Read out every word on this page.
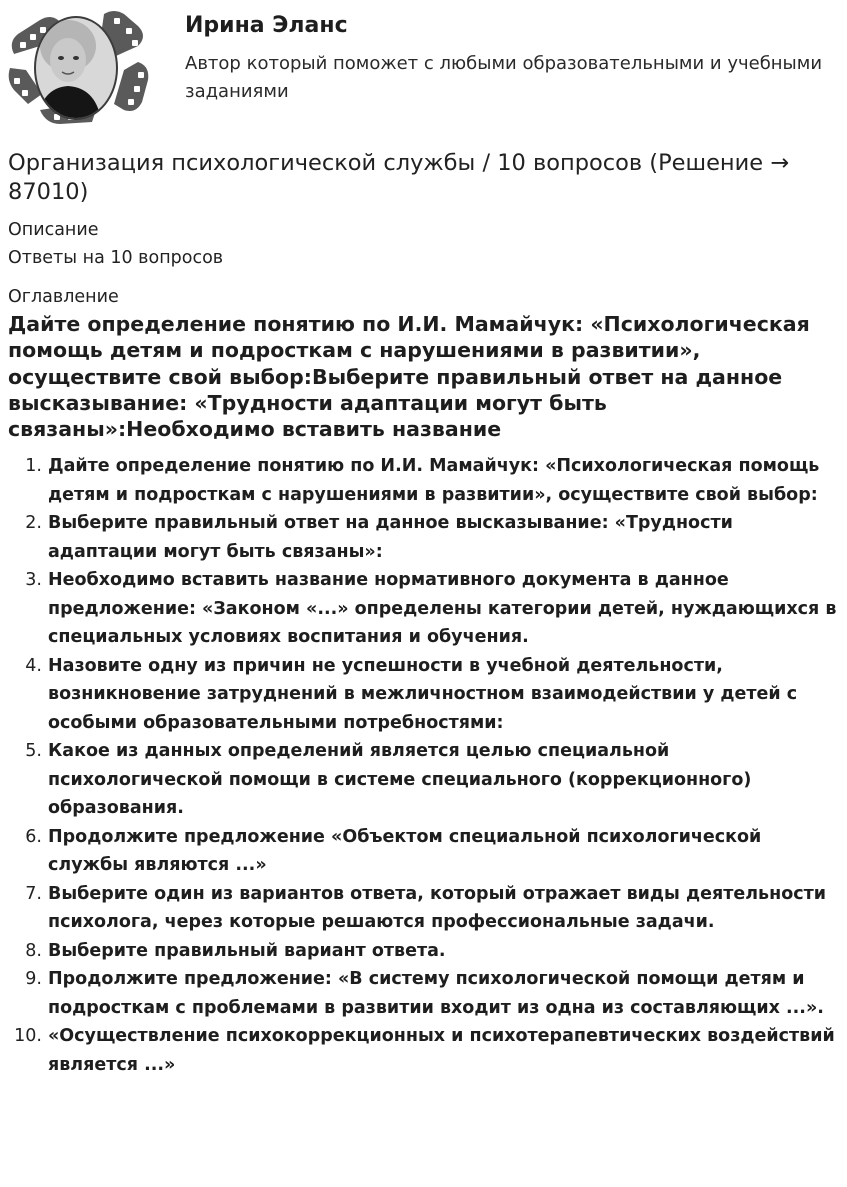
Ирина Эланс
Автор который поможет с любыми образовательными и учебными заданиями
Организация психологической службы / 10 вопросов (Решение → 87010)
Описание
Ответы на 10 вопросов
Оглавление
Дайте определение понятию по И.И. Мамайчук: «Психологическая помощь детям и подросткам с нарушениями в развитии», осуществите свой выбор:Выберите правильный ответ на данное высказывание: «Трудности адаптации могут быть связаны»:Необходимо вставить название
1. Дайте определение понятию по И.И. Мамайчук: «Психологическая помощь детям и подросткам с нарушениями в развитии», осуществите свой выбор:
2. Выберите правильный ответ на данное высказывание: «Трудности адаптации могут быть связаны»:
3. Необходимо вставить название нормативного документа в данное предложение: «Законом «...» определены категории детей, нуждающихся в специальных условиях воспитания и обучения.
4. Назовите одну из причин не успешности в учебной деятельности, возникновение затруднений в межличностном взаимодействии у детей с особыми образовательными потребностями:
5. Какое из данных определений является целью специальной психологической помощи в системе специального (коррекционного) образования.
6. Продолжите предложение «Объектом специальной психологической службы являются ...»
7. Выберите один из вариантов ответа, который отражает виды деятельности психолога, через которые решаются профессиональные задачи.
8. Выберите правильный вариант ответа.
9. Продолжите предложение: «В систему психологической помощи детям и подросткам с проблемами в развитии входит из одна из составляющих ...».
10. «Осуществление психокоррекционных и психотерапевтических воздействий является ...»
